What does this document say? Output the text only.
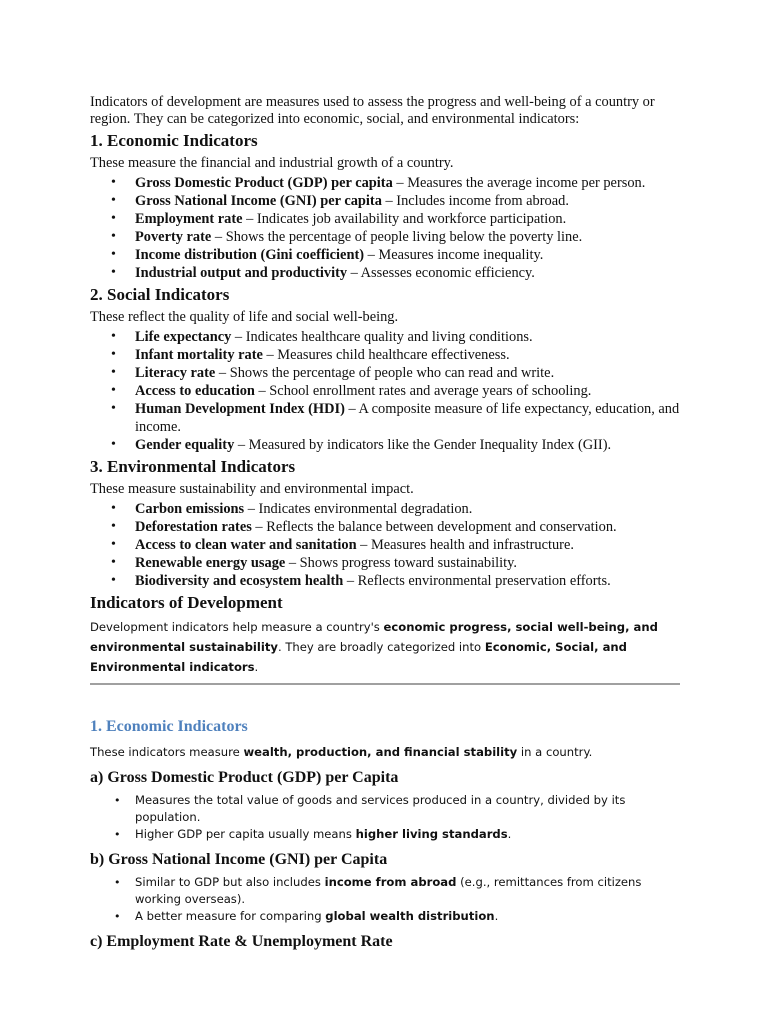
Indicators of development are measures used to assess the progress and well-being of a country or region. They can be categorized into economic, social, and environmental indicators:

1. Economic Indicators

These measure the financial and industrial growth of a country.

• Gross Domestic Product (GDP) per capita – Measures the average income per person.
• Gross National Income (GNI) per capita – Includes income from abroad.
• Employment rate – Indicates job availability and workforce participation.
• Poverty rate – Shows the percentage of people living below the poverty line.
• Income distribution (Gini coefficient) – Measures income inequality.
• Industrial output and productivity – Assesses economic efficiency.
2. Social Indicators

These reflect the quality of life and social well-being.

• Life expectancy – Indicates healthcare quality and living conditions.
• Infant mortality rate – Measures child healthcare effectiveness.
• Literacy rate – Shows the percentage of people who can read and write.
• Access to education – School enrollment rates and average years of schooling.
• Human Development Index (HDI) – A composite measure of life expectancy, education, and income.
• Gender equality – Measured by indicators like the Gender Inequality Index (GII).
3. Environmental Indicators

These measure sustainability and environmental impact.

• Carbon emissions – Indicates environmental degradation.
• Deforestation rates – Reflects the balance between development and conservation.
• Access to clean water and sanitation – Measures health and infrastructure.
• Renewable energy usage – Shows progress toward sustainability.
• Biodiversity and ecosystem health – Reflects environmental preservation efforts.
Indicators of Development

Development indicators help measure a country's economic progress, social well-being, and environmental sustainability. They are broadly categorized into Economic, Social, and Environmental indicators.

1. Economic Indicators

These indicators measure wealth, production, and financial stability in a country.

a) Gross Domestic Product (GDP) per Capita
• Measures the total value of goods and services produced in a country, divided by its population.
• Higher GDP per capita usually means higher living standards.
b) Gross National Income (GNI) per Capita
• Similar to GDP but also includes income from abroad (e.g., remittances from citizens working overseas).
• A better measure for comparing global wealth distribution.
c) Employment Rate & Unemployment Rate
